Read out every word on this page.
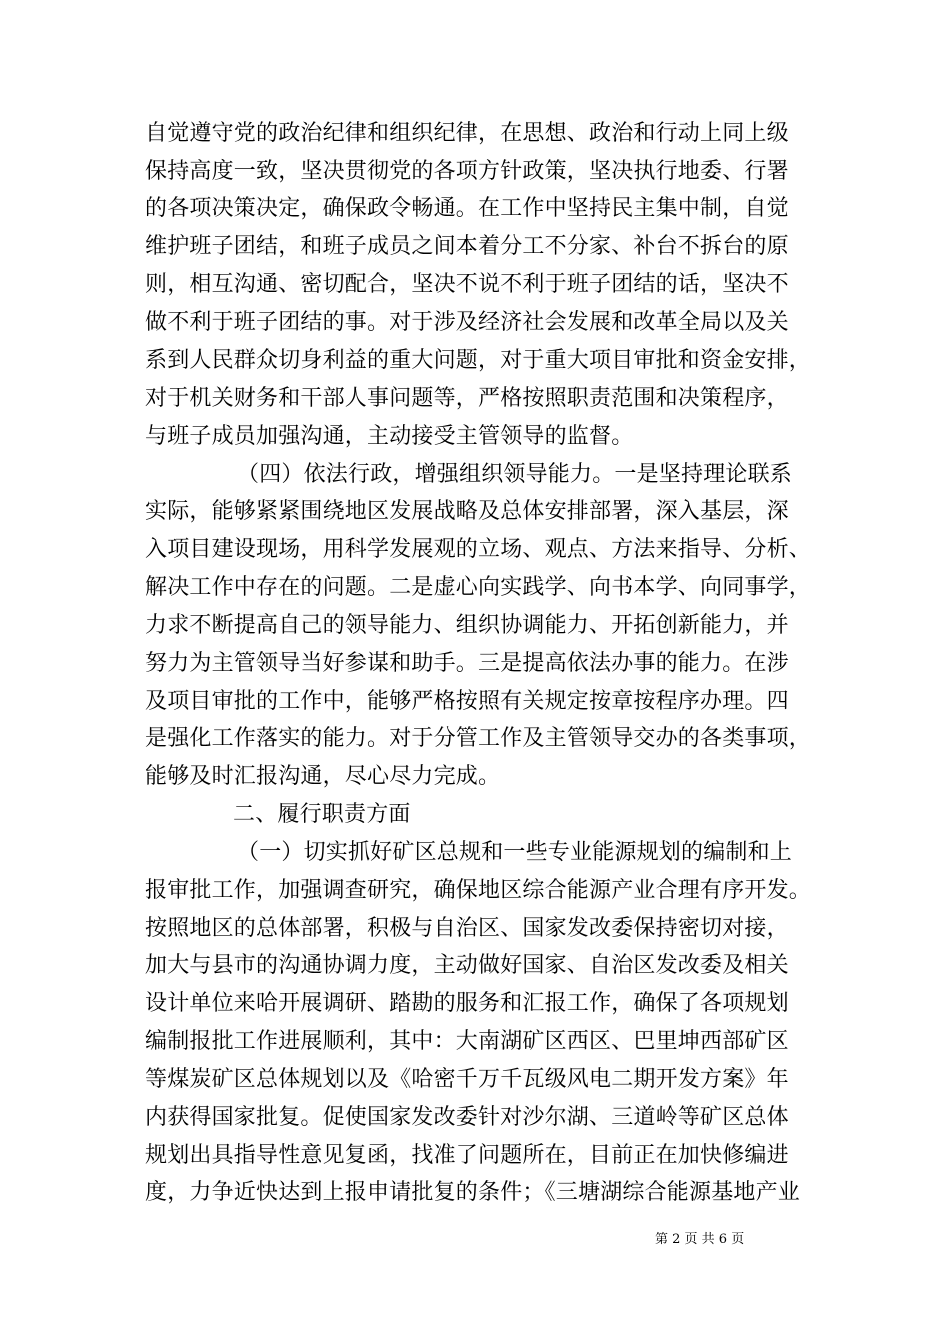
自觉遵守党的政治纪律和组织纪律，在思想、政治和行动上同上级
保持高度一致，坚决贯彻党的各项方针政策，坚决执行地委、行署
的各项决策决定，确保政令畅通。在工作中坚持民主集中制，自觉
维护班子团结，和班子成员之间本着分工不分家、补台不拆台的原
则，相互沟通、密切配合，坚决不说不利于班子团结的话，坚决不
做不利于班子团结的事。对于涉及经济社会发展和改革全局以及关
系到人民群众切身利益的重大问题，对于重大项目审批和资金安排，
对于机关财务和干部人事问题等，严格按照职责范围和决策程序，
与班子成员加强沟通，主动接受主管领导的监督。
（四）依法行政，增强组织领导能力。一是坚持理论联系
实际，能够紧紧围绕地区发展战略及总体安排部署，深入基层，深
入项目建设现场，用科学发展观的立场、观点、方法来指导、分析、
解决工作中存在的问题。二是虚心向实践学、向书本学、向同事学，
力求不断提高自己的领导能力、组织协调能力、开拓创新能力，并
努力为主管领导当好参谋和助手。三是提高依法办事的能力。在涉
及项目审批的工作中，能够严格按照有关规定按章按程序办理。四
是强化工作落实的能力。对于分管工作及主管领导交办的各类事项，
能够及时汇报沟通，尽心尽力完成。
二、履行职责方面
（一）切实抓好矿区总规和一些专业能源规划的编制和上
报审批工作，加强调查研究，确保地区综合能源产业合理有序开发。
按照地区的总体部署，积极与自治区、国家发改委保持密切对接，
加大与县市的沟通协调力度，主动做好国家、自治区发改委及相关
设计单位来哈开展调研、踏勘的服务和汇报工作，确保了各项规划
编制报批工作进展顺利，其中：大南湖矿区西区、巴里坤西部矿区
等煤炭矿区总体规划以及《哈密千万千瓦级风电二期开发方案》年
内获得国家批复。促使国家发改委针对沙尔湖、三道岭等矿区总体
规划出具指导性意见复函，找准了问题所在，目前正在加快修编进
度，力争近快达到上报申请批复的条件；《三塘湖综合能源基地产业
第 2 页 共 6 页
